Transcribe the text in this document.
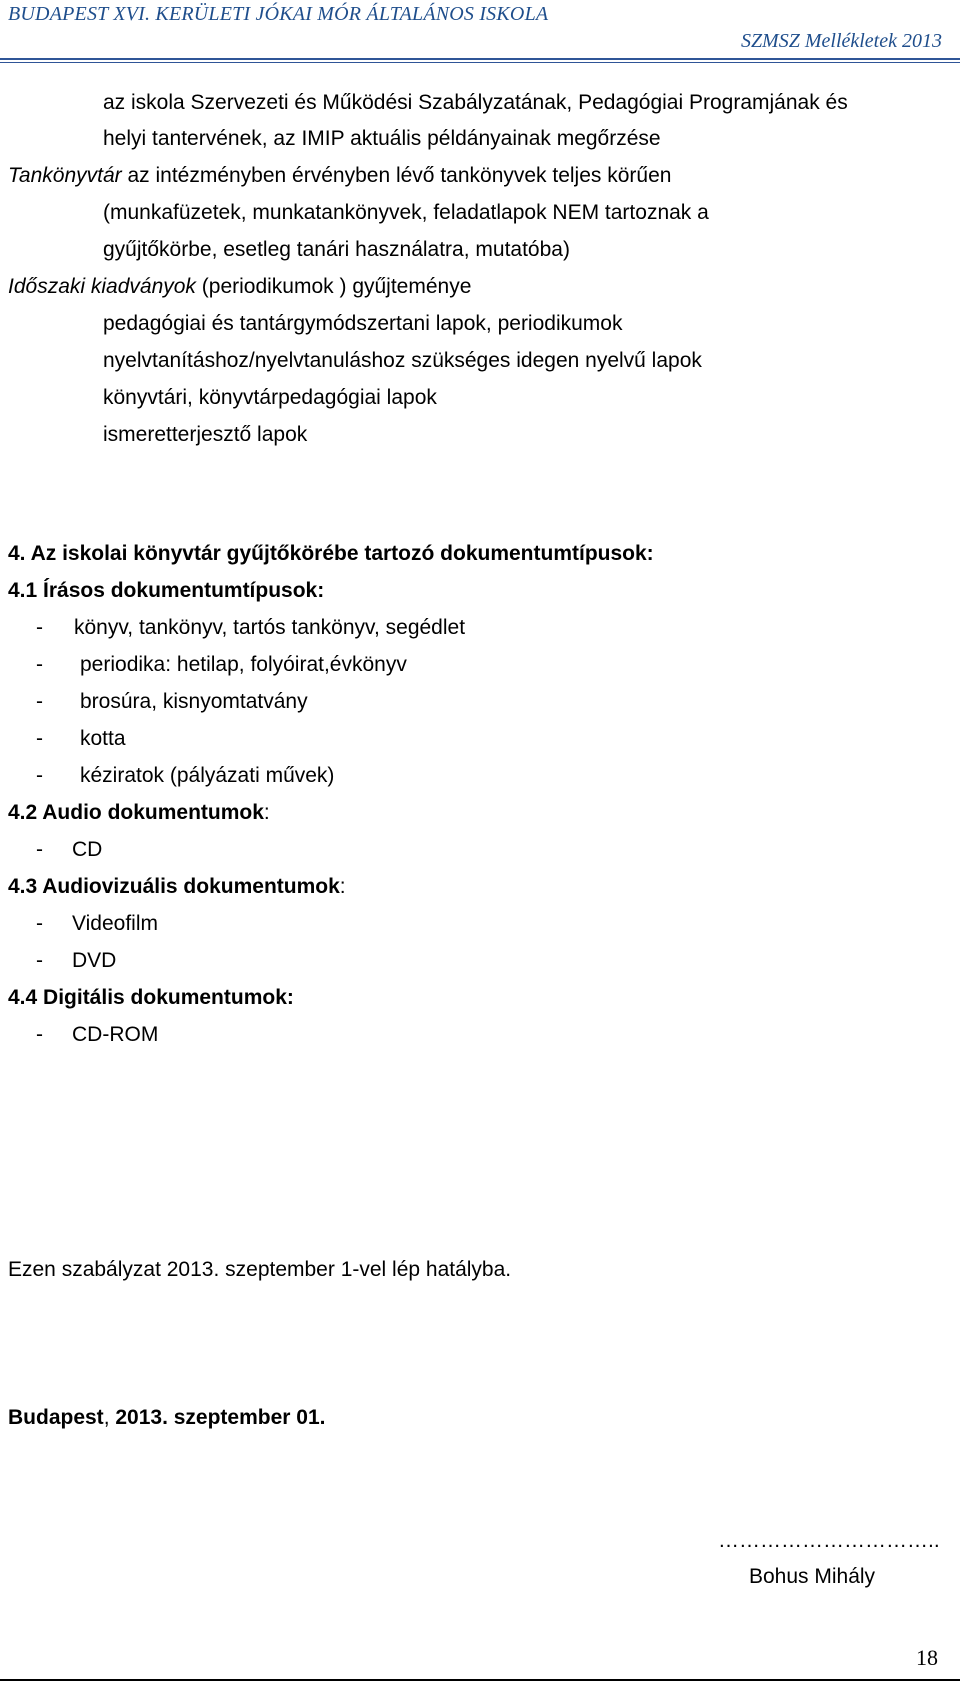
BUDAPEST XVI. KERÜLETI JÓKAI MÓR ÁLTALÁNOS ISKOLA
SZMSZ Mellékletek 2013
az iskola Szervezeti és Működési Szabályzatának, Pedagógiai Programjának és
helyi tantervének, az IMIP aktuális példányainak megőrzése
Tankönyvtár az intézményben érvényben lévő tankönyvek teljes körűen
(munkafüzetek, munkatankönyvek, feladatlapok NEM tartoznak a
gyűjtőkörbe, esetleg tanári használatra, mutatóba)
Időszaki kiadványok (periodikumok ) gyűjteménye
pedagógiai és tantárgymódszertani lapok, periodikumok
nyelvtanításhoz/nyelvtanuláshoz szükséges idegen nyelvű lapok
könyvtári, könyvtárpedagógiai lapok
ismeretterjesztő lapok
4. Az iskolai könyvtár gyűjtőkörébe tartozó dokumentumtípusok:
4.1 Írásos dokumentumtípusok:
- könyv, tankönyv, tartós tankönyv, segédlet
- periodika: hetilap, folyóirat,évkönyv
- brosúra, kisnyomtatvány
- kotta
- kéziratok (pályázati művek)
4.2 Audio dokumentumok:
- CD
4.3 Audiovizuális dokumentumok:
- Videofilm
- DVD
4.4 Digitális dokumentumok:
- CD-ROM
Ezen szabályzat 2013. szeptember 1-vel lép hatályba.
Budapest, 2013. szeptember 01.
…………………………..
Bohus Mihály
18
